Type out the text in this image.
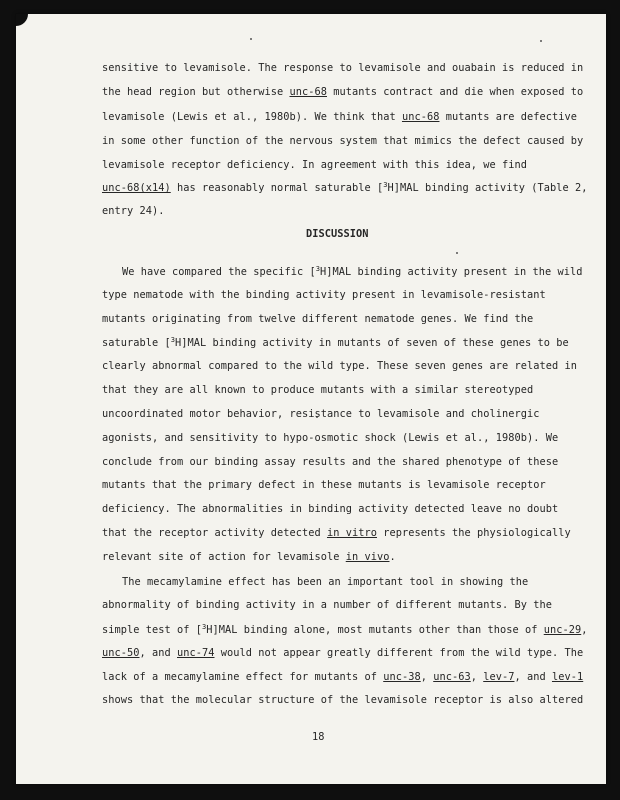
sensitive to levamisole. The response to levamisole and ouabain is reduced in
the head region but otherwise unc-68 mutants contract and die when exposed to
levamisole (Lewis et al., 1980b). We think that unc-68 mutants are defective
in some other function of the nervous system that mimics the defect caused by
levamisole receptor deficiency. In agreement with this idea, we find
unc-68(x14) has reasonably normal saturable [$^3$H]MAL binding activity (Table 2,
entry 24).
DISCUSSION
We have compared the specific [$^3$H]MAL binding activity present in the wild
type nematode with the binding activity present in levamisole-resistant
mutants originating from twelve different nematode genes. We find the
saturable [$^3$H]MAL binding activity in mutants of seven of these genes to be
clearly abnormal compared to the wild type. These seven genes are related in
that they are all known to produce mutants with a similar stereotyped
uncoordinated motor behavior, resistance to levamisole and cholinergic
agonists, and sensitivity to hypo-osmotic shock (Lewis et al., 1980b). We
conclude from our binding assay results and the shared phenotype of these
mutants that the primary defect in these mutants is levamisole receptor
deficiency. The abnormalities in binding activity detected leave no doubt
that the receptor activity detected in vitro represents the physiologically
relevant site of action for levamisole in vivo.
The mecamylamine effect has been an important tool in showing the
abnormality of binding activity in a number of different mutants. By the
simple test of [$^3$H]MAL binding alone, most mutants other than those of unc-29,
unc-50, and unc-74 would not appear greatly different from the wild type. The
lack of a mecamylamine effect for mutants of unc-38, unc-63, lev-7, and lev-1
shows that the molecular structure of the levamisole receptor is also altered
18
